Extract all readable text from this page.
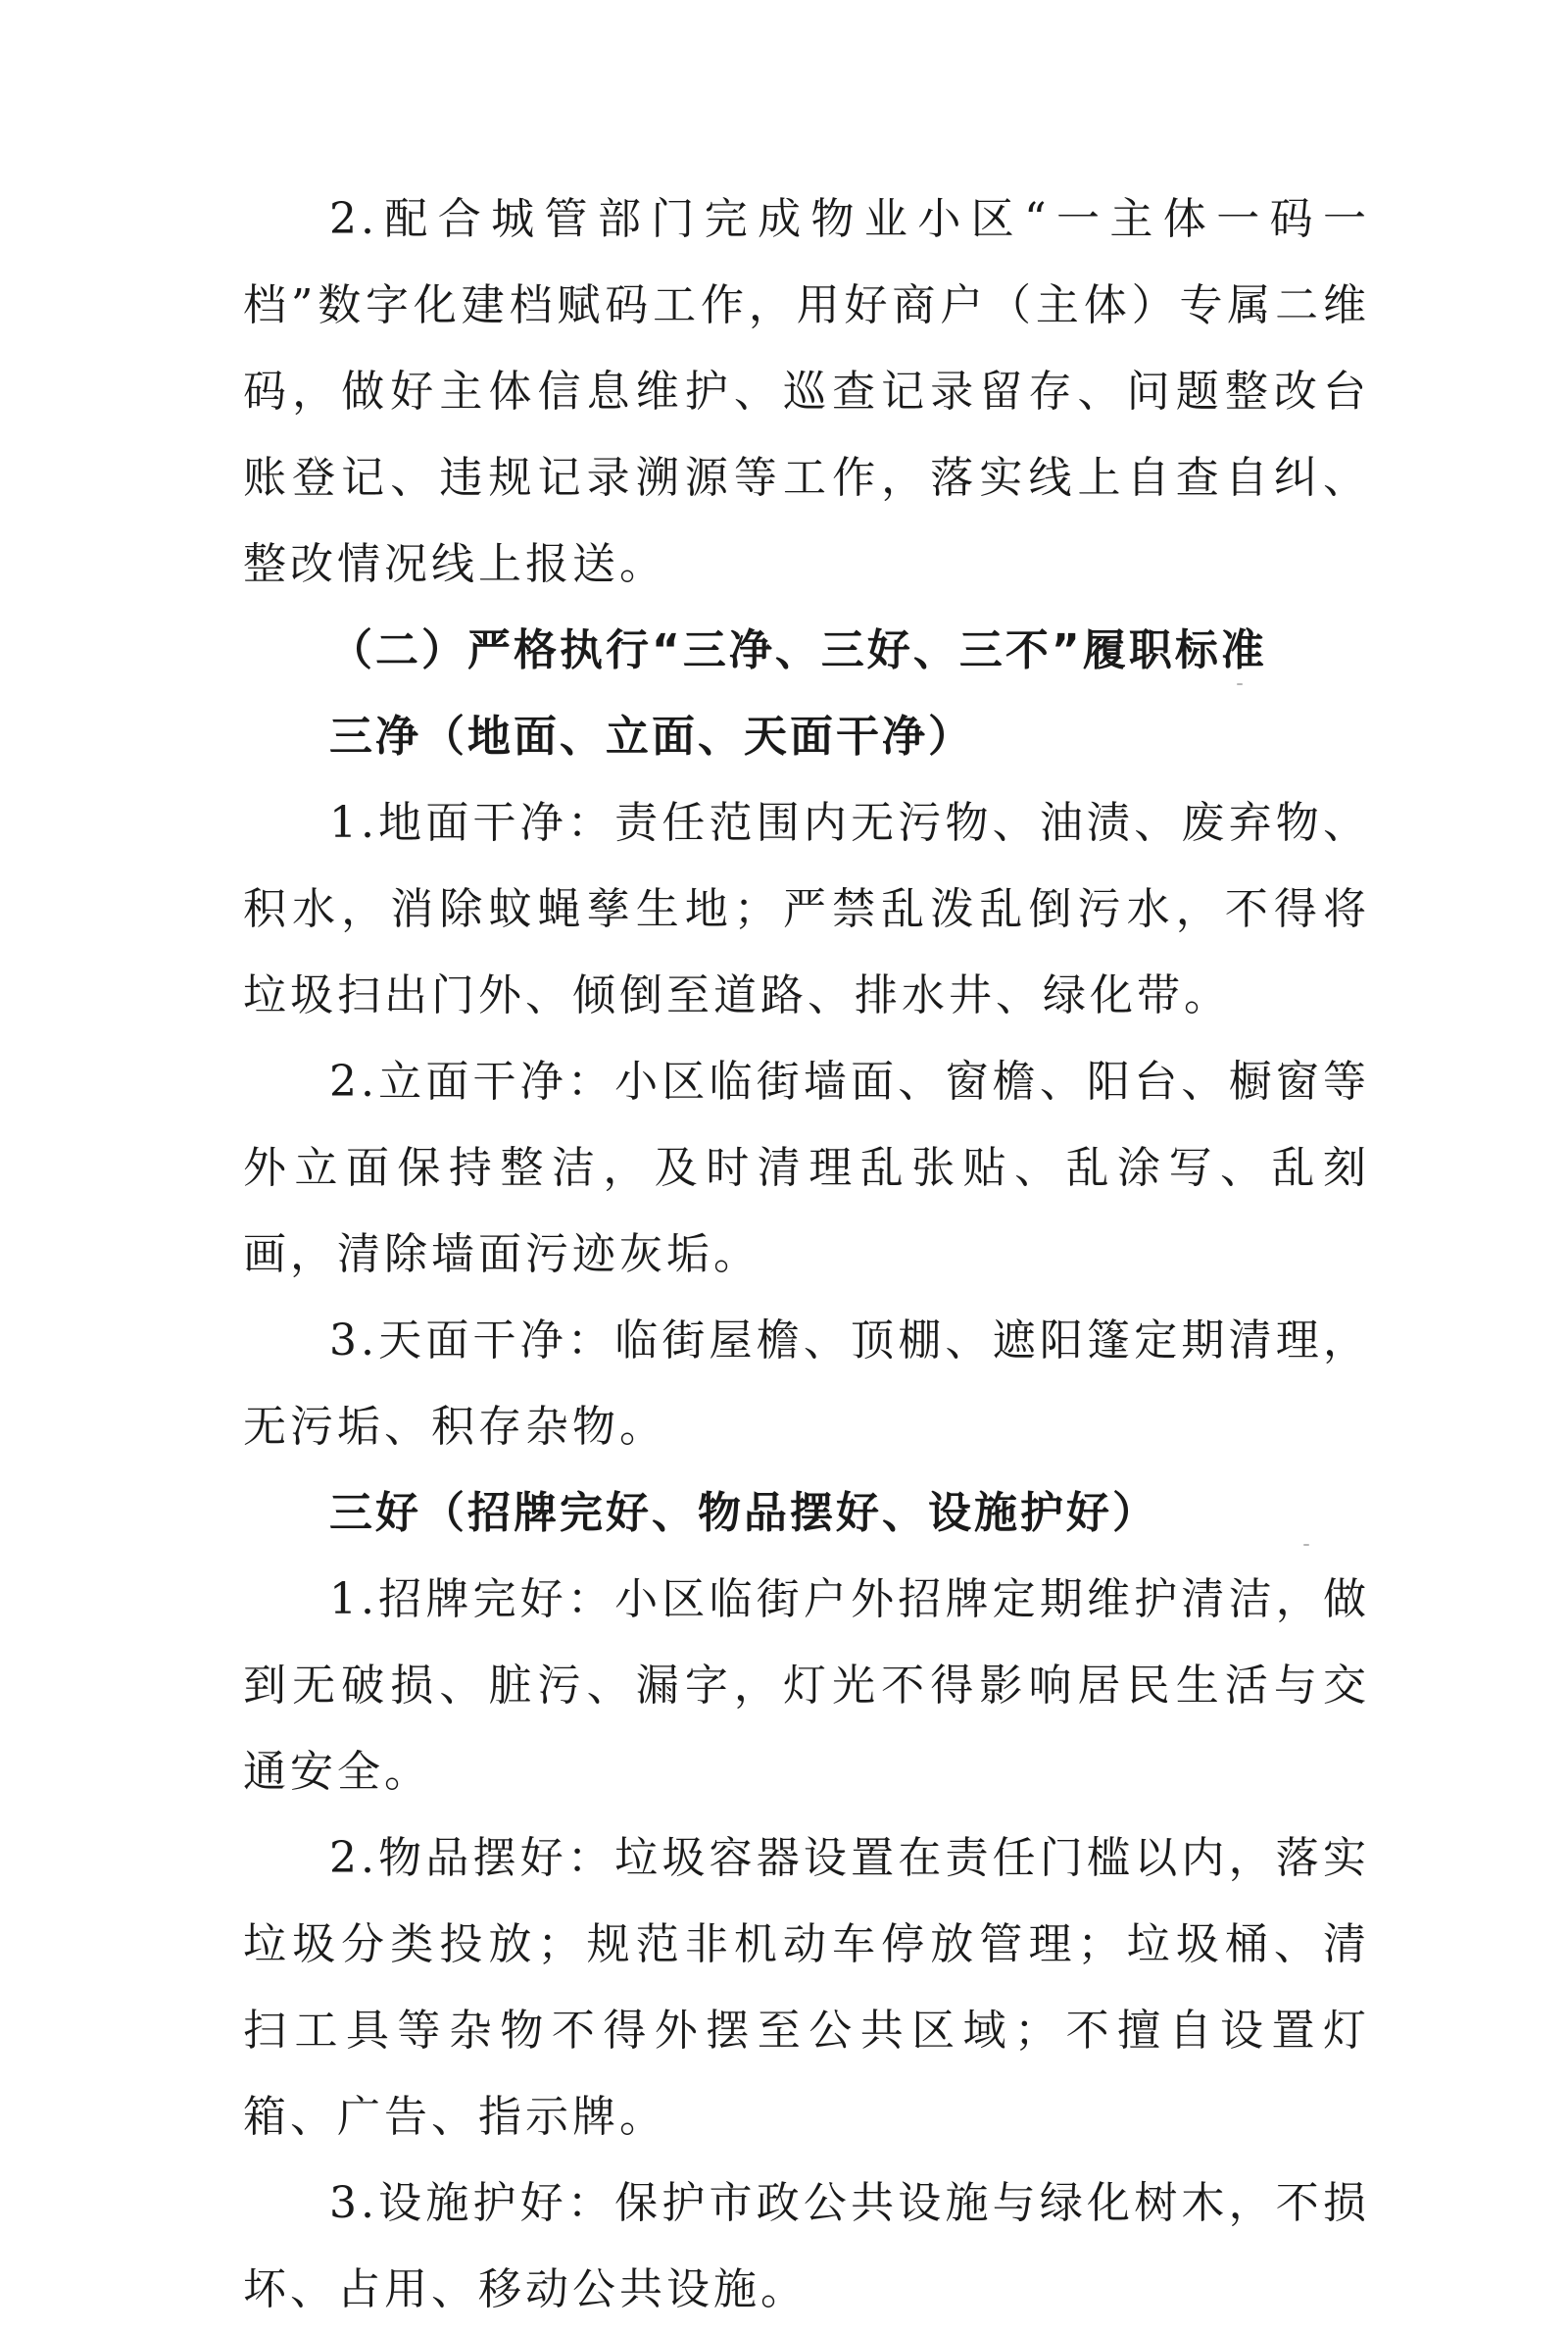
2.配合城管部门完成物业小区“一主体一码一档”数字化建档赋码工作，用好商户（主体）专属二维码，做好主体信息维护、巡查记录留存、问题整改台账登记、违规记录溯源等工作，落实线上自查自纠、整改情况线上报送。

（二）严格执行“三净、三好、三不”履职标准

三净（地面、立面、天面干净）

1.地面干净：责任范围内无污物、油渍、废弃物、积水，消除蚊蝇孳生地；严禁乱泼乱倒污水，不得将垃圾扫出门外、倾倒至道路、排水井、绿化带。

2.立面干净：小区临街墙面、窗檐、阳台、橱窗等外立面保持整洁，及时清理乱张贴、乱涂写、乱刻画，清除墙面污迹灰垢。

3.天面干净：临街屋檐、顶棚、遮阳篷定期清理，无污垢、积存杂物。

三好（招牌完好、物品摆好、设施护好）

1.招牌完好：小区临街户外招牌定期维护清洁，做到无破损、脏污、漏字，灯光不得影响居民生活与交通安全。

2.物品摆好：垃圾容器设置在责任门槛以内，落实垃圾分类投放；规范非机动车停放管理；垃圾桶、清扫工具等杂物不得外摆至公共区域；不擅自设置灯箱、广告、指示牌。

3.设施护好：保护市政公共设施与绿化树木，不损坏、占用、移动公共设施。
